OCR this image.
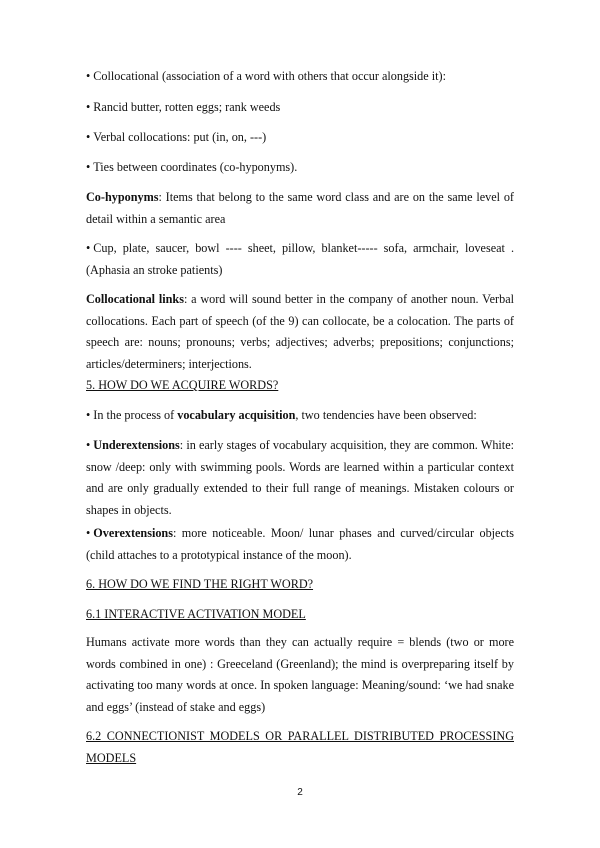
• Collocational (association of a word with others that occur alongside it):
• Rancid butter, rotten eggs; rank weeds
• Verbal collocations: put (in, on, ---)
• Ties between coordinates (co-hyponyms).
Co-hyponyms: Items that belong to the same word class and are on the same level of detail within a semantic area
• Cup, plate, saucer, bowl ---- sheet, pillow, blanket----- sofa, armchair, loveseat . (Aphasia an stroke patients)
Collocational links: a word will sound better in the company of another noun. Verbal collocations. Each part of speech (of the 9) can collocate, be a colocation. The parts of speech are: nouns; pronouns; verbs; adjectives; adverbs; prepositions; conjunctions; articles/determiners; interjections.
5. HOW DO WE ACQUIRE WORDS?
• In the process of vocabulary acquisition, two tendencies have been observed:
• Underextensions: in early stages of vocabulary acquisition, they are common. White: snow /deep: only with swimming pools. Words are learned within a particular context and are only gradually extended to their full range of meanings. Mistaken colours or shapes in objects.
• Overextensions: more noticeable. Moon/ lunar phases and curved/circular objects (child attaches to a prototypical instance of the moon).
6. HOW DO WE FIND THE RIGHT WORD?
6.1 INTERACTIVE ACTIVATION MODEL
Humans activate more words than they can actually require = blends (two or more words combined in one) : Greeceland (Greenland); the mind is overpreparing itself by activating too many words at once. In spoken language: Meaning/sound: ‘we had snake and eggs’ (instead of stake and eggs)
6.2 CONNECTIONIST MODELS OR PARALLEL DISTRIBUTED PROCESSING MODELS
2
